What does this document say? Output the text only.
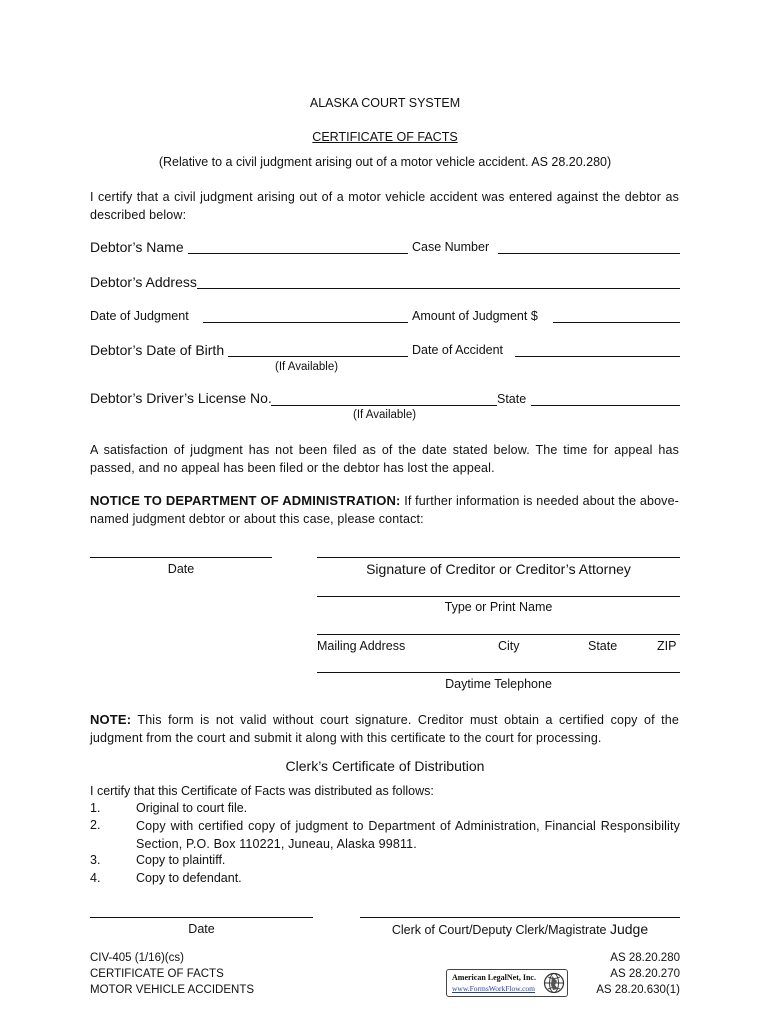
ALASKA COURT SYSTEM
CERTIFICATE OF FACTS
(Relative to a civil judgment arising out of a motor vehicle accident. AS 28.20.280)
I certify that a civil judgment arising out of a motor vehicle accident was entered against the debtor as described below:
Debtor’s Name	Case Number
Debtor’s Address
Date of Judgment	Amount of Judgment $
Debtor’s Date of Birth	Date of Accident
(If Available)
Debtor’s Driver’s License No.	State
(If Available)
A satisfaction of judgment has not been filed as of the date stated below. The time for appeal has passed, and no appeal has been filed or the debtor has lost the appeal.
NOTICE TO DEPARTMENT OF ADMINISTRATION: If further information is needed about the above-named judgment debtor or about this case, please contact:
Date	Signature of Creditor or Creditor’s Attorney
Type or Print Name
Mailing Address	City	State	ZIP
Daytime Telephone
NOTE: This form is not valid without court signature. Creditor must obtain a certified copy of the judgment from the court and submit it along with this certificate to the court for processing.
Clerk’s Certificate of Distribution
I certify that this Certificate of Facts was distributed as follows:
1.	Original to court file.
2.	Copy with certified copy of judgment to Department of Administration, Financial Responsibility Section, P.O. Box 110221, Juneau, Alaska 99811.
3.	Copy to plaintiff.
4.	Copy to defendant.
Date	Clerk of Court/Deputy Clerk/Magistrate Judge
CIV-405 (1/16)(cs)
CERTIFICATE OF FACTS
MOTOR VEHICLE ACCIDENTS
American LegalNet, Inc.
www.FormsWorkFlow.com
AS 28.20.280
AS 28.20.270
AS 28.20.630(1)
